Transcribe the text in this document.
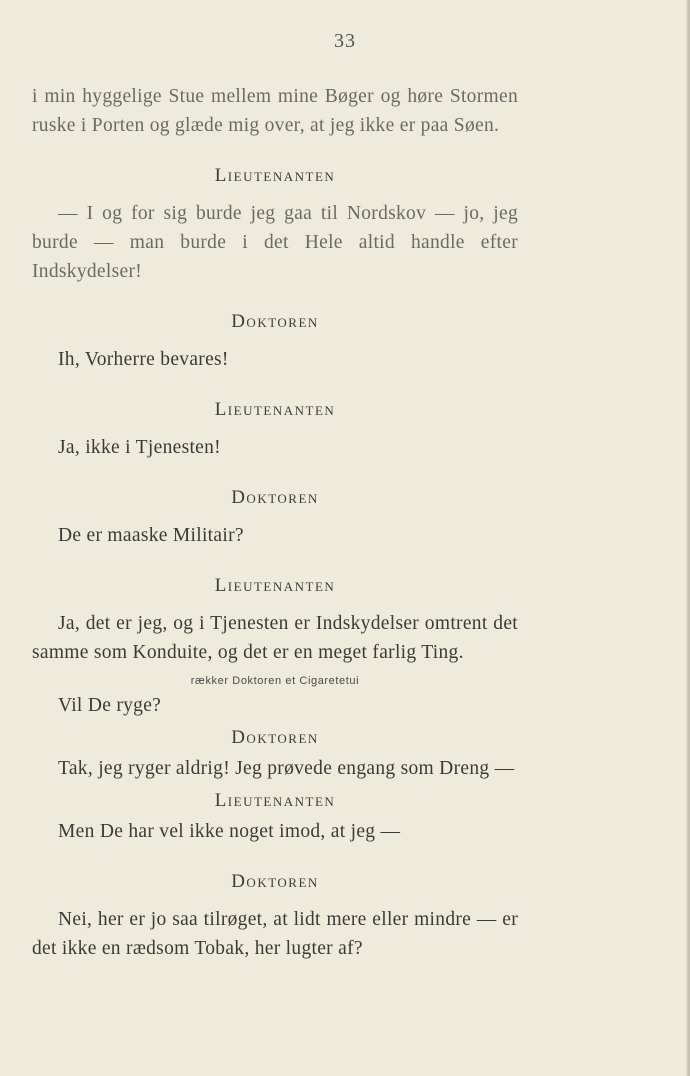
33
i min hyggelige Stue mellem mine Bøger og høre Stormen ruske i Porten og glæde mig over, at jeg ikke er paa Søen.
Lieutenanten
— I og for sig burde jeg gaa til Nordskov — jo, jeg burde — man burde i det Hele altid handle efter Indskydelser!
Doktoren
Ih, Vorherre bevares!
Lieutenanten
Ja, ikke i Tjenesten!
Doktoren
De er maaske Militair?
Lieutenanten
Ja, det er jeg, og i Tjenesten er Indskydelser omtrent det samme som Konduite, og det er en meget farlig Ting.
rækker Doktoren et Cigaretetui
Vil De ryge?
Doktoren
Tak, jeg ryger aldrig! Jeg prøvede engang som Dreng —
Lieutenanten
Men De har vel ikke noget imod, at jeg —
Doktoren
Nei, her er jo saa tilrøget, at lidt mere eller mindre — er det ikke en rædsom Tobak, her lugter af?
